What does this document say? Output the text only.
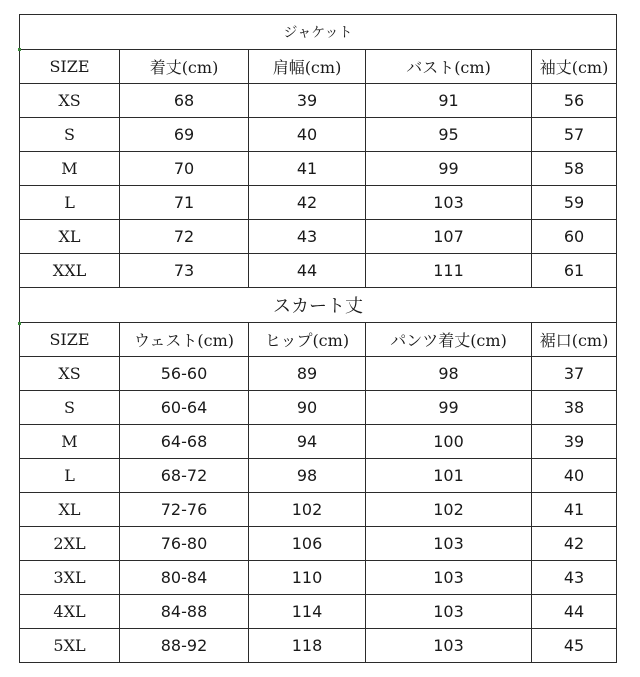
ジャケット				
SIZE	着丈(cm)	肩幅(cm)	バスト(cm)	袖丈(cm)
XS	68	39	91	56
S	69	40	95	57
M	70	41	99	58
L	71	42	103	59
XL	72	43	107	60
XXL	73	44	111	61
スカート丈				
SIZE	ウェスト(cm)	ヒップ(cm)	パンツ着丈(cm)	裾口(cm)
XS	56-60	89	98	37
S	60-64	90	99	38
M	64-68	94	100	39
L	68-72	98	101	40
XL	72-76	102	102	41
2XL	76-80	106	103	42
3XL	80-84	110	103	43
4XL	84-88	114	103	44
5XL	88-92	118	103	45
